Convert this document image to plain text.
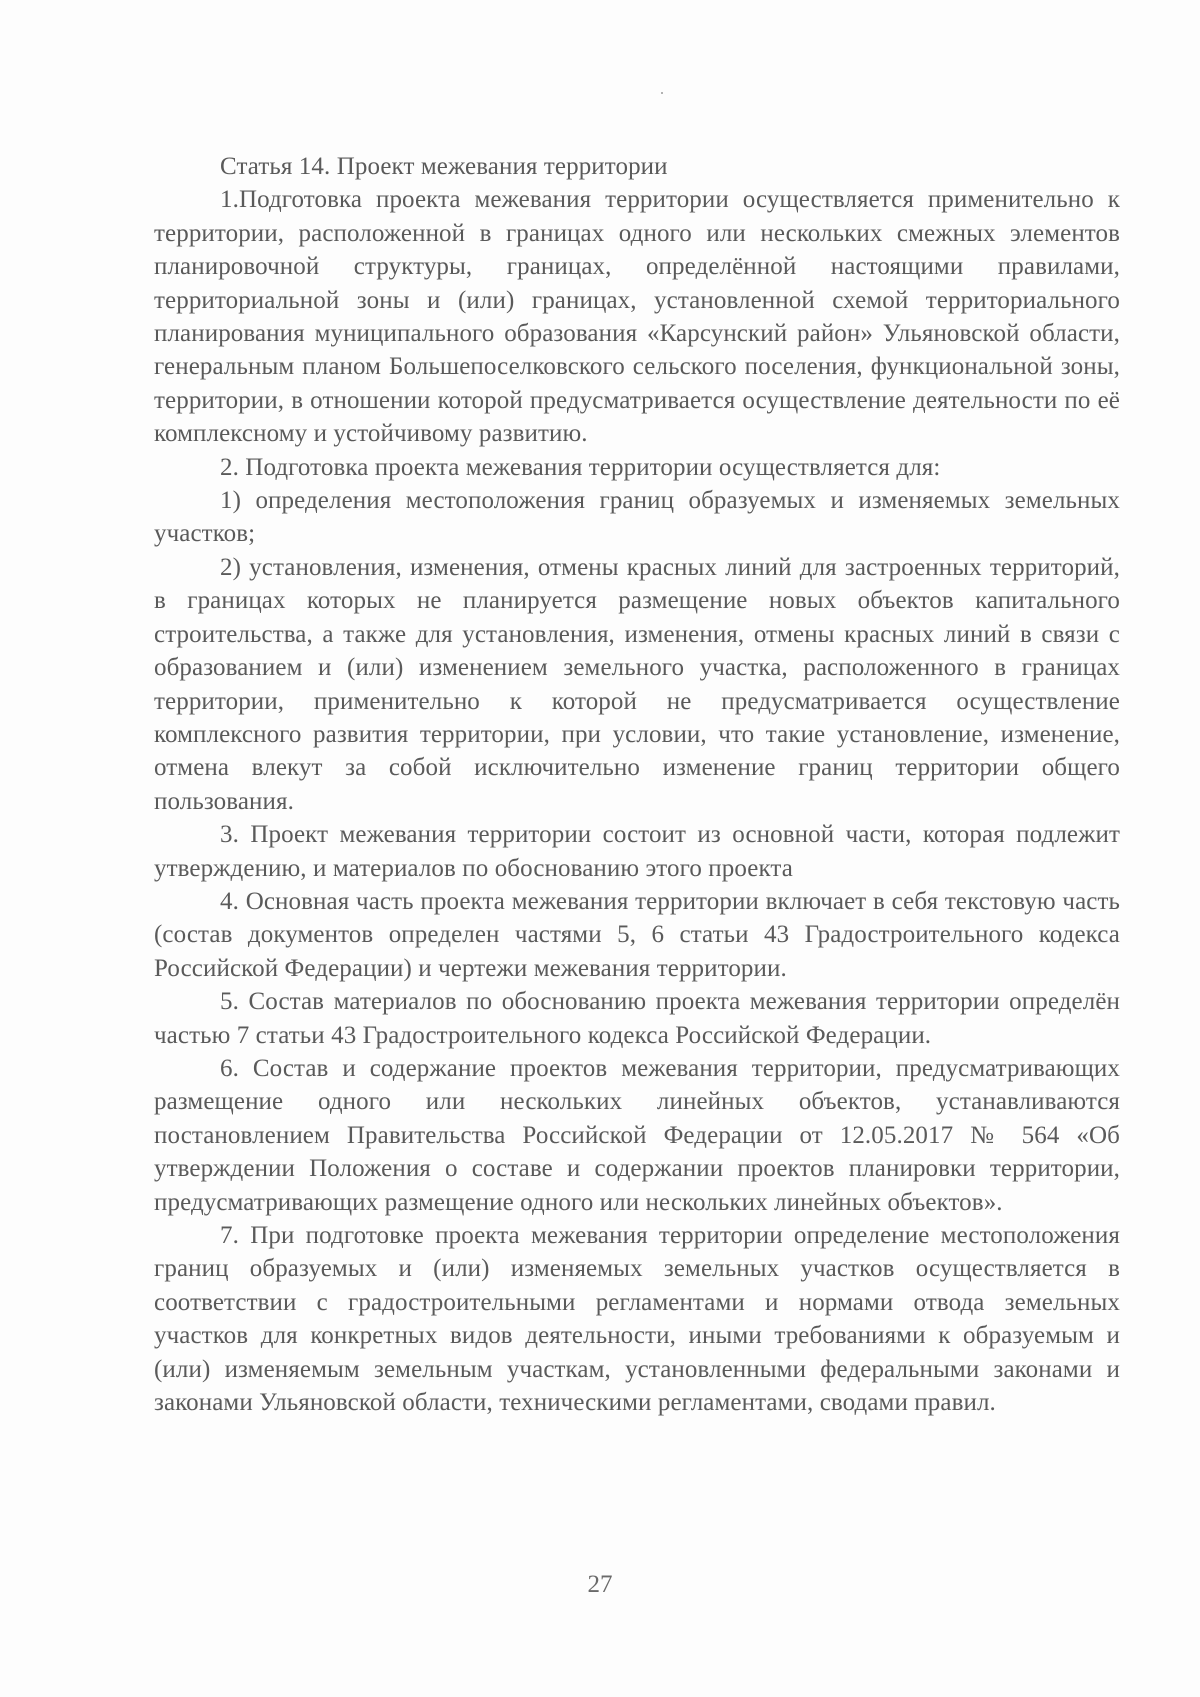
Статья 14. Проект межевания территории

1.Подготовка проекта межевания территории осуществляется применительно к территории, расположенной в границах одного или нескольких смежных элементов планировочной структуры, границах, определённой настоящими правилами, территориальной зоны и (или) границах, установленной схемой территориального планирования муниципального образования «Карсунский район» Ульяновской области, генеральным планом Большепоселковского сельского поселения, функциональной зоны, территории, в отношении которой предусматривается осуществление деятельности по её комплексному и устойчивому развитию.

2. Подготовка проекта межевания территории осуществляется для:

1) определения местоположения границ образуемых и изменяемых земельных участков;

2) установления, изменения, отмены красных линий для застроенных территорий, в границах которых не планируется размещение новых объектов капитального строительства, а также для установления, изменения, отмены красных линий в связи с образованием и (или) изменением земельного участка, расположенного в границах территории, применительно к которой не предусматривается осуществление комплексного развития территории, при условии, что такие установление, изменение, отмена влекут за собой исключительно изменение границ территории общего пользования.

3. Проект межевания территории состоит из основной части, которая подлежит утверждению, и материалов по обоснованию этого проекта

4. Основная часть проекта межевания территории включает в себя текстовую часть (состав документов определен частями 5, 6 статьи 43 Градостроительного кодекса Российской Федерации) и чертежи межевания территории.

5. Состав материалов по обоснованию проекта межевания территории определён частью 7 статьи 43 Градостроительного кодекса Российской Федерации.

6. Состав и содержание проектов межевания территории, предусматривающих размещение одного или нескольких линейных объектов, устанавливаются постановлением Правительства Российской Федерации от 12.05.2017 № 564 «Об утверждении Положения о составе и содержании проектов планировки территории, предусматривающих размещение одного или нескольких линейных объектов».

7. При подготовке проекта межевания территории определение местоположения границ образуемых и (или) изменяемых земельных участков осуществляется в соответствии с градостроительными регламентами и нормами отвода земельных участков для конкретных видов деятельности, иными требованиями к образуемым и (или) изменяемым земельным участкам, установленными федеральными законами и законами Ульяновской области, техническими регламентами, сводами правил.

27
